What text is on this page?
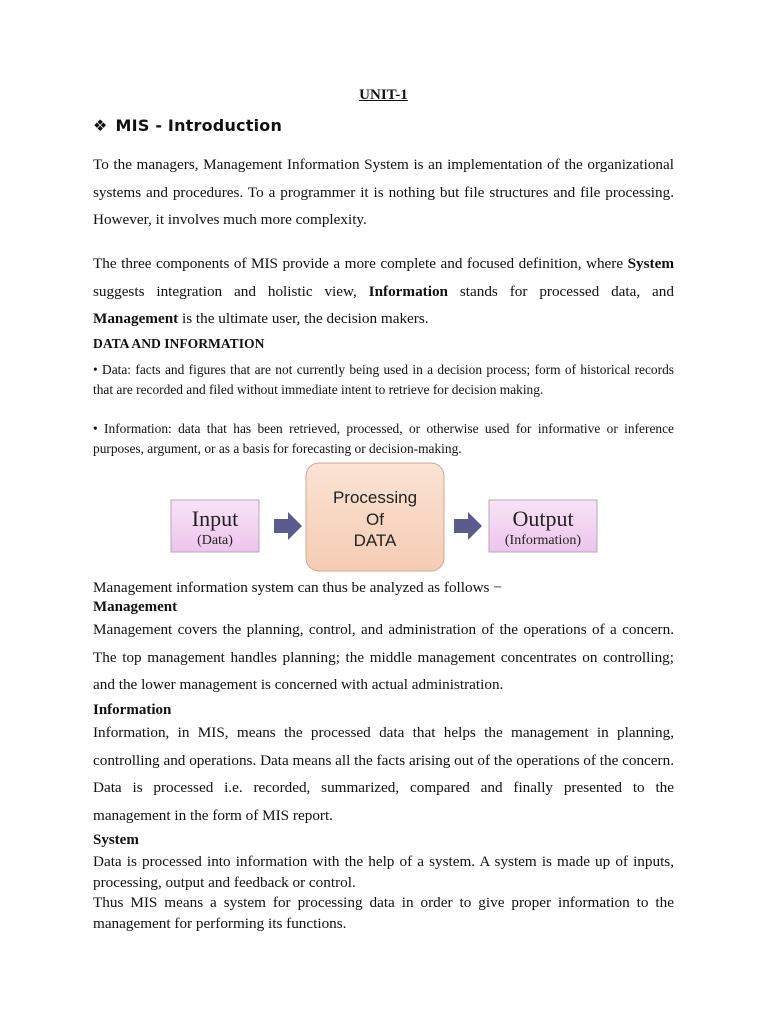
UNIT-1
❖ MIS - Introduction

To the managers, Management Information System is an implementation of the organizational systems and procedures. To a programmer it is nothing but file structures and file processing. However, it involves much more complexity.

The three components of MIS provide a more complete and focused definition, where System suggests integration and holistic view, Information stands for processed data, and Management is the ultimate user, the decision makers.

DATA AND INFORMATION

• Data: facts and figures that are not currently being used in a decision process; form of historical records that are recorded and filed without immediate intent to retrieve for decision making.

• Information: data that has been retrieved, processed, or otherwise used for informative or inference purposes, argument, or as a basis for forecasting or decision-making.

Input
(Data)
Processing
Of
DATA
Output
(Information)

Management information system can thus be analyzed as follows −

Management

Management covers the planning, control, and administration of the operations of a concern. The top management handles planning; the middle management concentrates on controlling; and the lower management is concerned with actual administration.

Information

Information, in MIS, means the processed data that helps the management in planning, controlling and operations. Data means all the facts arising out of the operations of the concern. Data is processed i.e. recorded, summarized, compared and finally presented to the management in the form of MIS report.

System

Data is processed into information with the help of a system. A system is made up of inputs, processing, output and feedback or control.

Thus MIS means a system for processing data in order to give proper information to the management for performing its functions.
